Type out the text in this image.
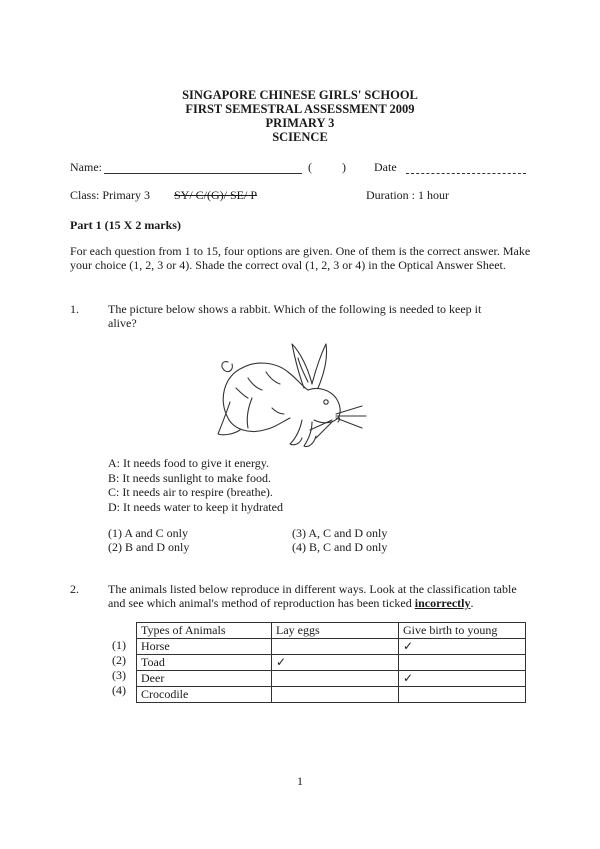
SINGAPORE CHINESE GIRLS' SCHOOL
FIRST SEMESTRAL ASSESSMENT 2009
PRIMARY 3
SCIENCE
Name:	(	) Date
Class: Primary 3 SY/ C/(G)/ SE/ P	Duration : 1 hour
Part 1 (15 X 2 marks)
For each question from 1 to 15, four options are given. One of them is the correct answer. Make your choice (1, 2, 3 or 4). Shade the correct oval (1, 2, 3 or 4) in the Optical Answer Sheet.
1. The picture below shows a rabbit. Which of the following is needed to keep it alive?
A: It needs food to give it energy.
B: It needs sunlight to make food.
C: It needs air to respire (breathe).
D: It needs water to keep it hydrated
(1) A and C only	(3) A, C and D only
(2) B and D only	(4) B, C and D only
2. The animals listed below reproduce in different ways. Look at the classification table and see which animal's method of reproduction has been ticked incorrectly.
(1)
(2)
(3)
(4)
Types of Animals	Lay eggs	Give birth to young
Horse		✓
Toad	✓	
Deer		✓
Crocodile		
1
